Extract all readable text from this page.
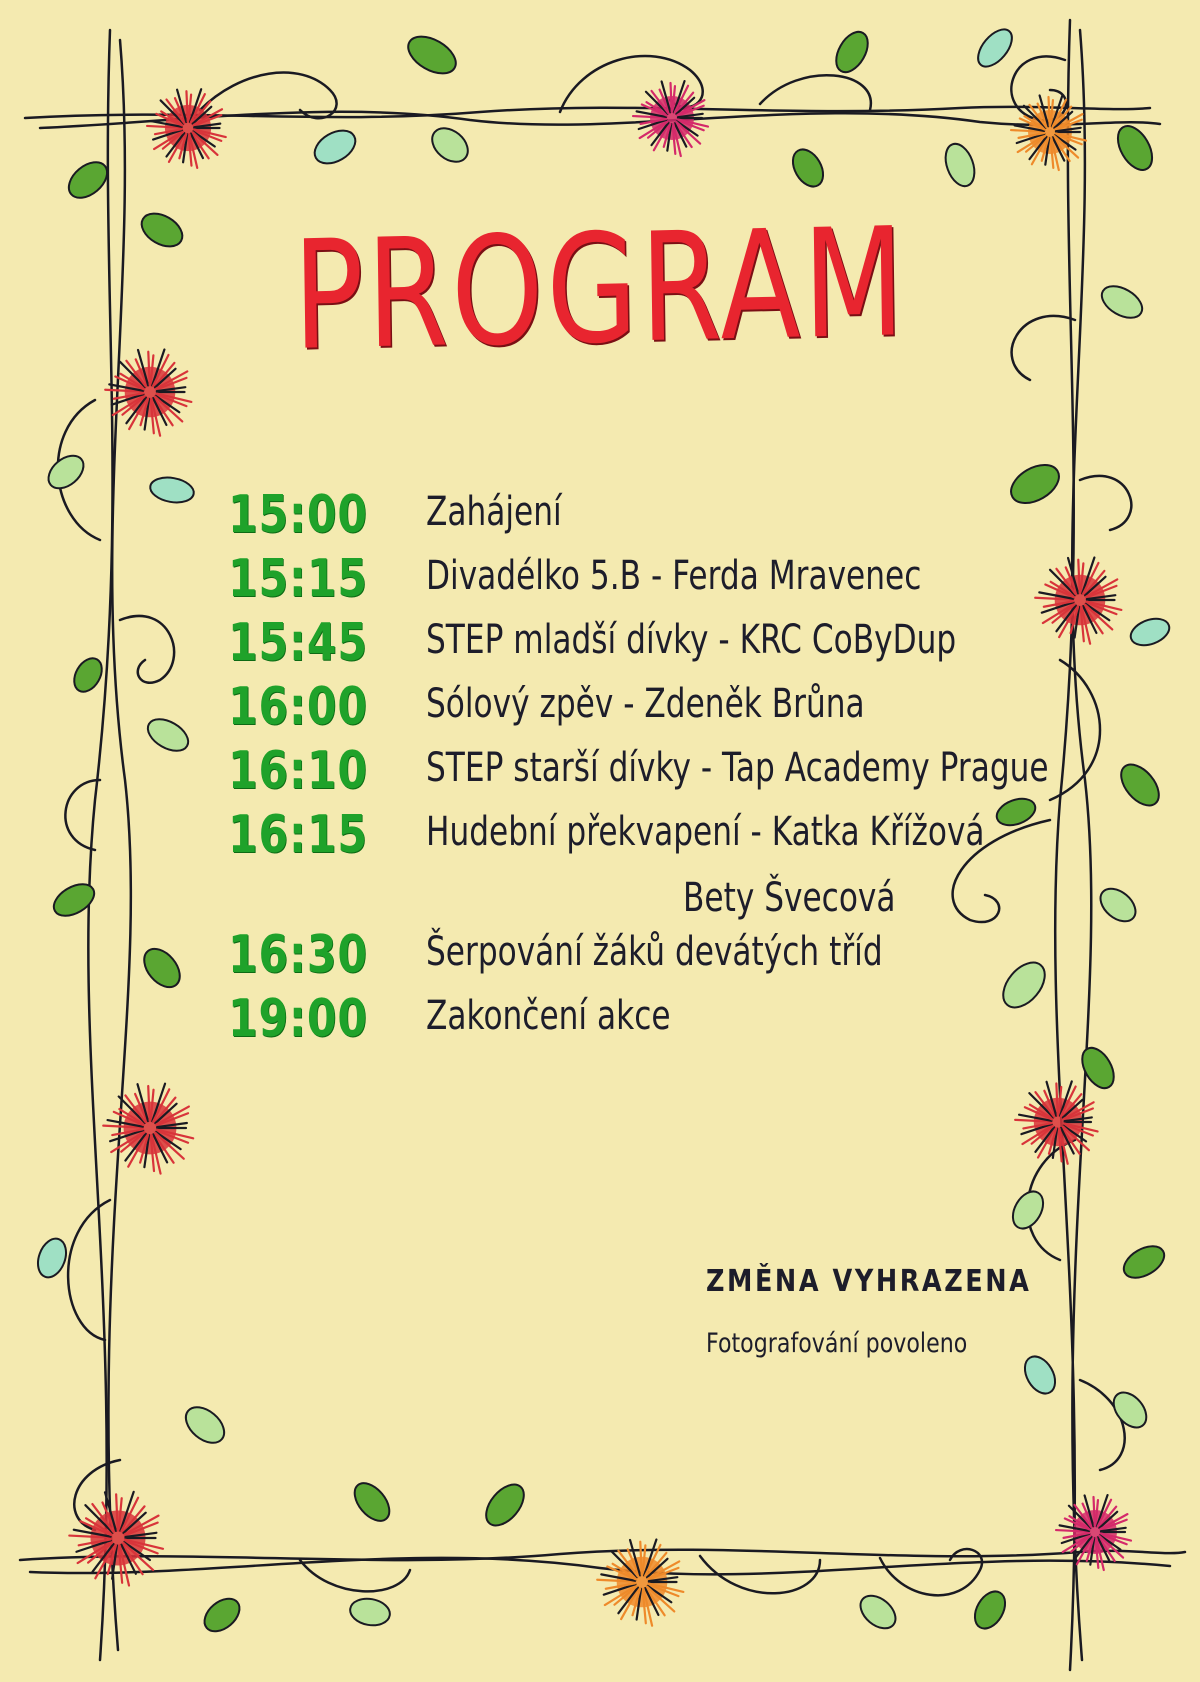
PROGRAM
15:00 Zahájení
15:15 Divadélko 5.B - Ferda Mravenec
15:45 STEP mladší dívky - KRC CoByDup
16:00 Sólový zpěv - Zdeněk Brůna
16:10 STEP starší dívky - Tap Academy Prague
16:15 Hudební překvapení - Katka Křížová
Bety Švecová
16:30 Šerpování žáků devátých tříd
19:00 Zakončení akce
ZMĚNA VYHRAZENA
Fotografování povoleno
